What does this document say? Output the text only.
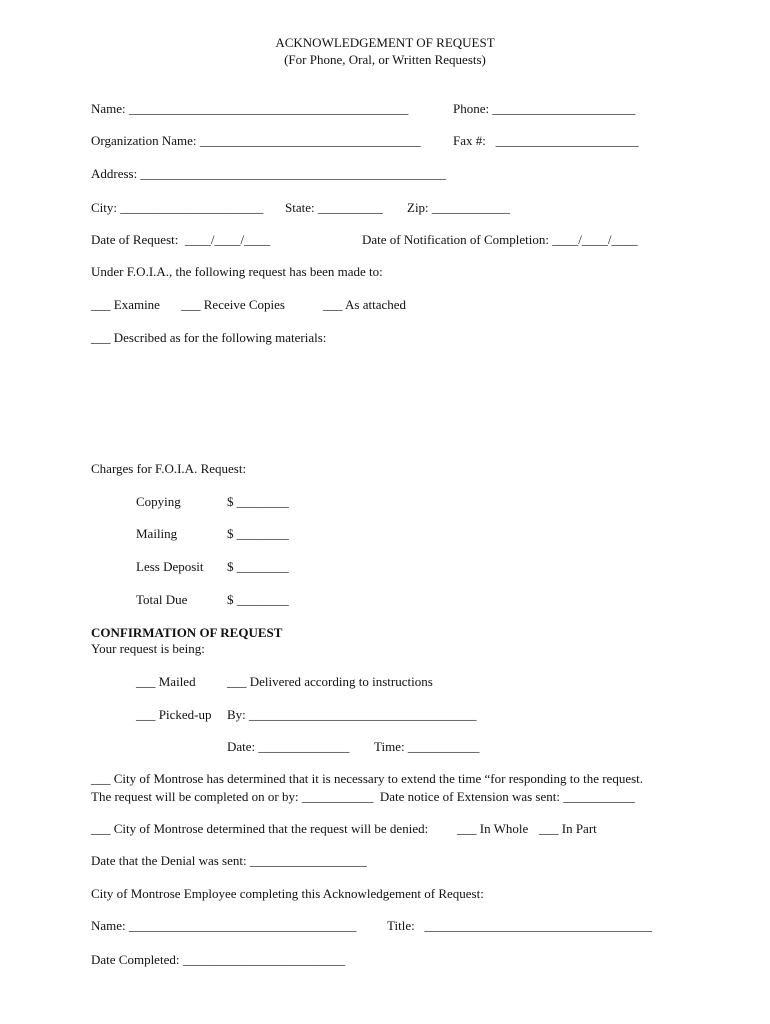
ACKNOWLEDGEMENT OF REQUEST
(For Phone, Oral, or Written Requests)
Name: ___________________________________________	Phone: ______________________
Organization Name: __________________________________ Fax #:   ______________________
Address: _______________________________________________
City: ______________________ State: __________ Zip: ____________
Date of Request:  ____/____/____	Date of Notification of Completion: ____/____/____
Under F.O.I.A., the following request has been made to:
___ Examine ___ Receive Copies	___ As attached
___ Described as for the following materials:
Charges for F.O.I.A. Request:
Copying	$ ________
Mailing	$ ________
Less Deposit $ ________
Total Due	$ ________
CONFIRMATION OF REQUEST
Your request is being:
___ Mailed ___ Delivered according to instructions
___ Picked-up By: ___________________________________
Date: ______________ Time: ___________
___ City of Montrose has determined that it is necessary to extend the time “for responding to the request.
The request will be completed on or by: ___________  Date notice of Extension was sent: ___________
___ City of Montrose determined that the request will be denied: ___ In Whole ___ In Part
Date that the Denial was sent: __________________
City of Montrose Employee completing this Acknowledgement of Request:
Name: ___________________________________ Title:   ___________________________________
Date Completed: _________________________
